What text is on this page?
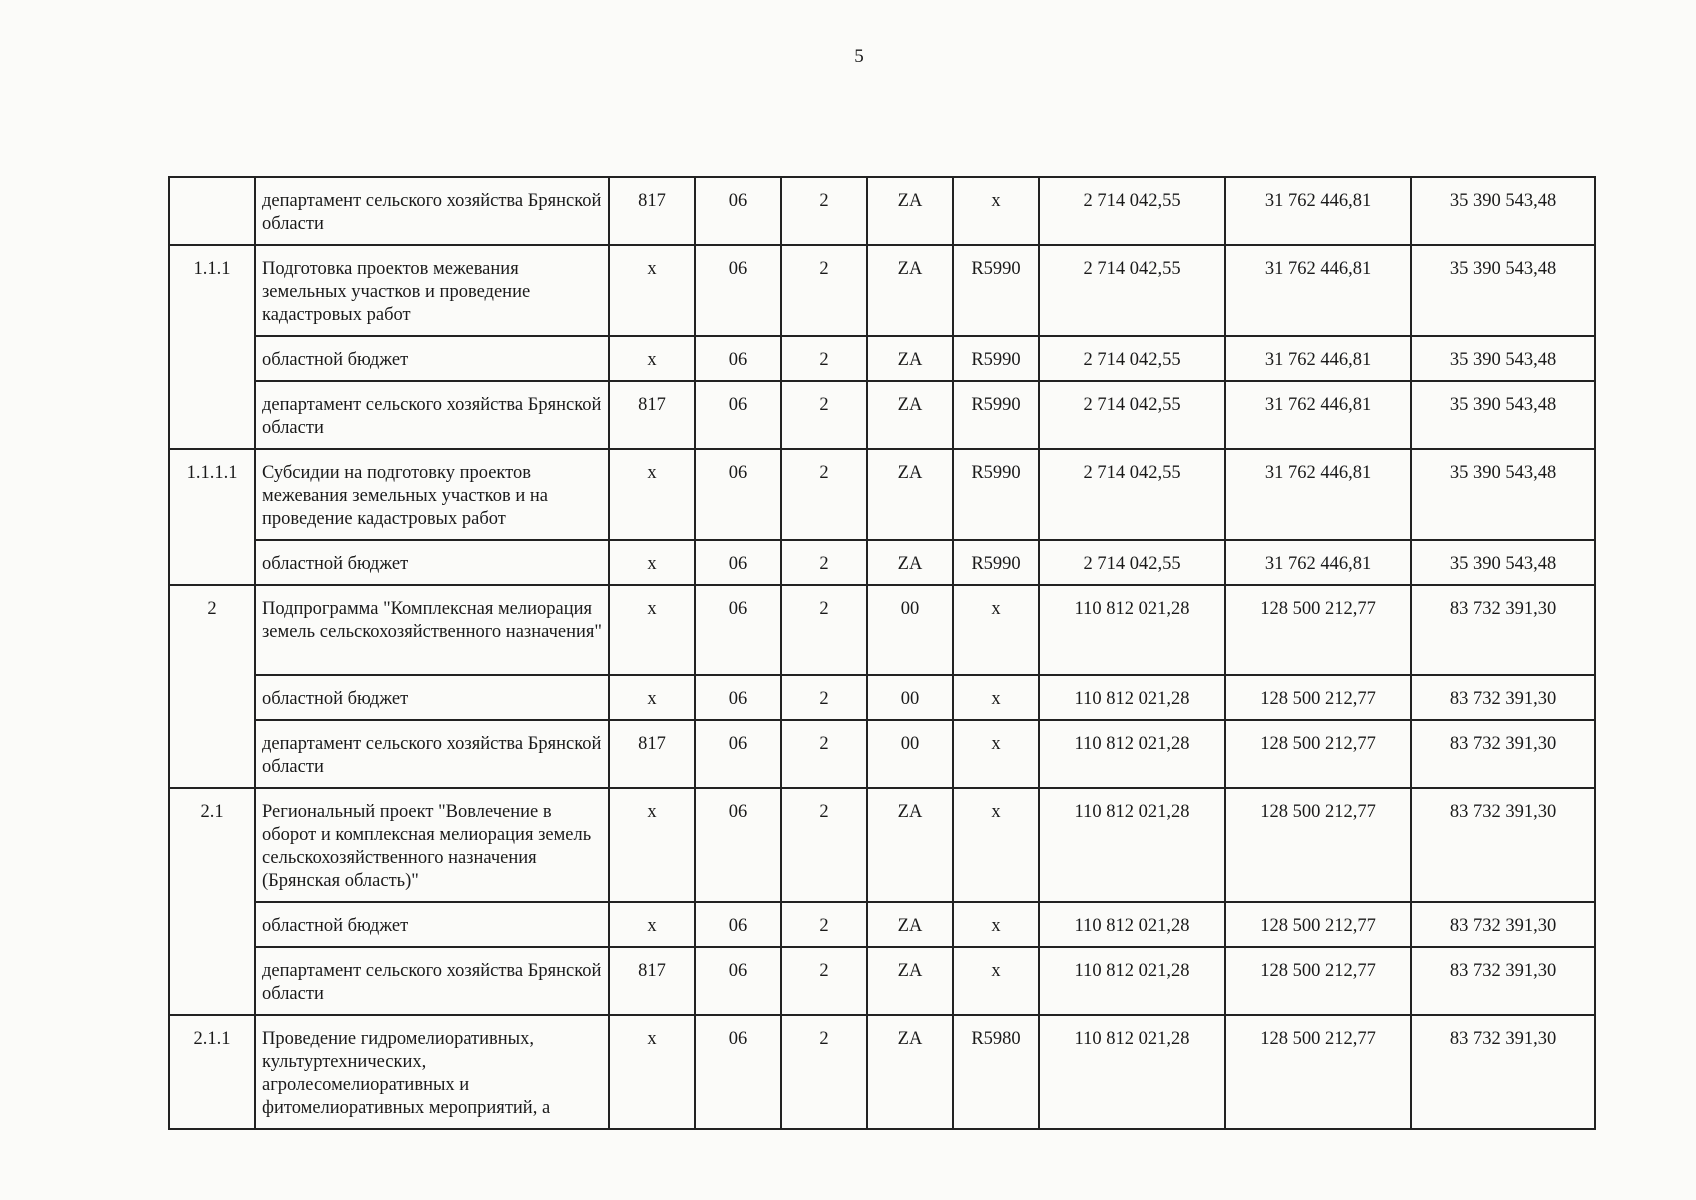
5
	департамент сельского хозяйства Брянской области	817	06	2	ZA	x	2 714 042,55	31 762 446,81	35 390 543,48
1.1.1	Подготовка проектов межевания земельных участков и проведение кадастровых работ	x	06	2	ZA	R5990	2 714 042,55	31 762 446,81	35 390 543,48
	областной бюджет	x	06	2	ZA	R5990	2 714 042,55	31 762 446,81	35 390 543,48
	департамент сельского хозяйства Брянской области	817	06	2	ZA	R5990	2 714 042,55	31 762 446,81	35 390 543,48
1.1.1.1	Субсидии на подготовку проектов межевания земельных участков и на проведение кадастровых работ	x	06	2	ZA	R5990	2 714 042,55	31 762 446,81	35 390 543,48
	областной бюджет	x	06	2	ZA	R5990	2 714 042,55	31 762 446,81	35 390 543,48
2	Подпрограмма "Комплексная мелиорация земель сельскохозяйственного назначения"	x	06	2	00	x	110 812 021,28	128 500 212,77	83 732 391,30
	областной бюджет	x	06	2	00	x	110 812 021,28	128 500 212,77	83 732 391,30
	департамент сельского хозяйства Брянской области	817	06	2	00	x	110 812 021,28	128 500 212,77	83 732 391,30
2.1	Региональный проект "Вовлечение в оборот и комплексная мелиорация земель сельскохозяйственного назначения (Брянская область)"	x	06	2	ZA	x	110 812 021,28	128 500 212,77	83 732 391,30
	областной бюджет	x	06	2	ZA	x	110 812 021,28	128 500 212,77	83 732 391,30
	департамент сельского хозяйства Брянской области	817	06	2	ZA	x	110 812 021,28	128 500 212,77	83 732 391,30
2.1.1	Проведение гидромелиоративных, культуртехнических, агролесомелиоративных и фитомелиоративных мероприятий, а	x	06	2	ZA	R5980	110 812 021,28	128 500 212,77	83 732 391,30
